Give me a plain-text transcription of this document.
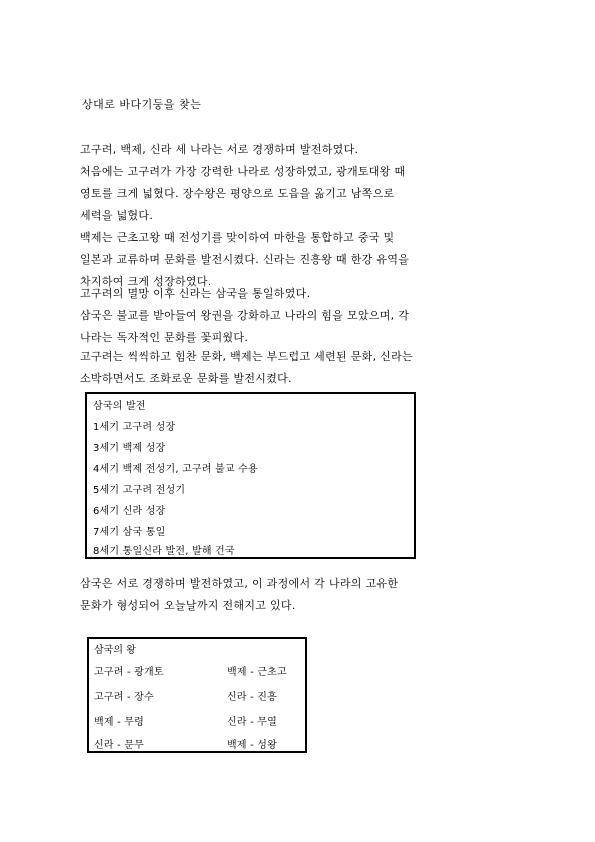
상대로 바다기둥을 찾는
고구려, 백제, 신라 세 나라는 서로 경쟁하며 발전하였다.
처음에는 고구려가 가장 강력한 나라로 성장하였고, 광개토대왕 때
영토를 크게 넓혔다. 장수왕은 평양으로 도읍을 옮기고 남쪽으로
세력을 넓혔다.
백제는 근초고왕 때 전성기를 맞이하여 마한을 통합하고 중국 및
일본과 교류하며 문화를 발전시켰다. 신라는 진흥왕 때 한강 유역을
차지하여 크게 성장하였다.
고구려의 멸망 이후 신라는 삼국을 통일하였다.
삼국은 불교를 받아들여 왕권을 강화하고 나라의 힘을 모았으며, 각
나라는 독자적인 문화를 꽃피웠다.
고구려는 씩씩하고 힘찬 문화, 백제는 부드럽고 세련된 문화, 신라는
소박하면서도 조화로운 문화를 발전시켰다.
삼국의 발전
1세기 고구려 성장
3세기 백제 성장
4세기 백제 전성기, 고구려 불교 수용
5세기 고구려 전성기
6세기 신라 성장
7세기 삼국 통일
8세기 통일신라 발전, 발해 건국
삼국은 서로 경쟁하며 발전하였고, 이 과정에서 각 나라의 고유한
문화가 형성되어 오늘날까지 전해지고 있다.
삼국의 왕
고구려 - 광개토	백제 - 근초고
고구려 - 장수	신라 - 진흥
백제 - 무령	신라 - 무열
신라 - 문무	백제 - 성왕
